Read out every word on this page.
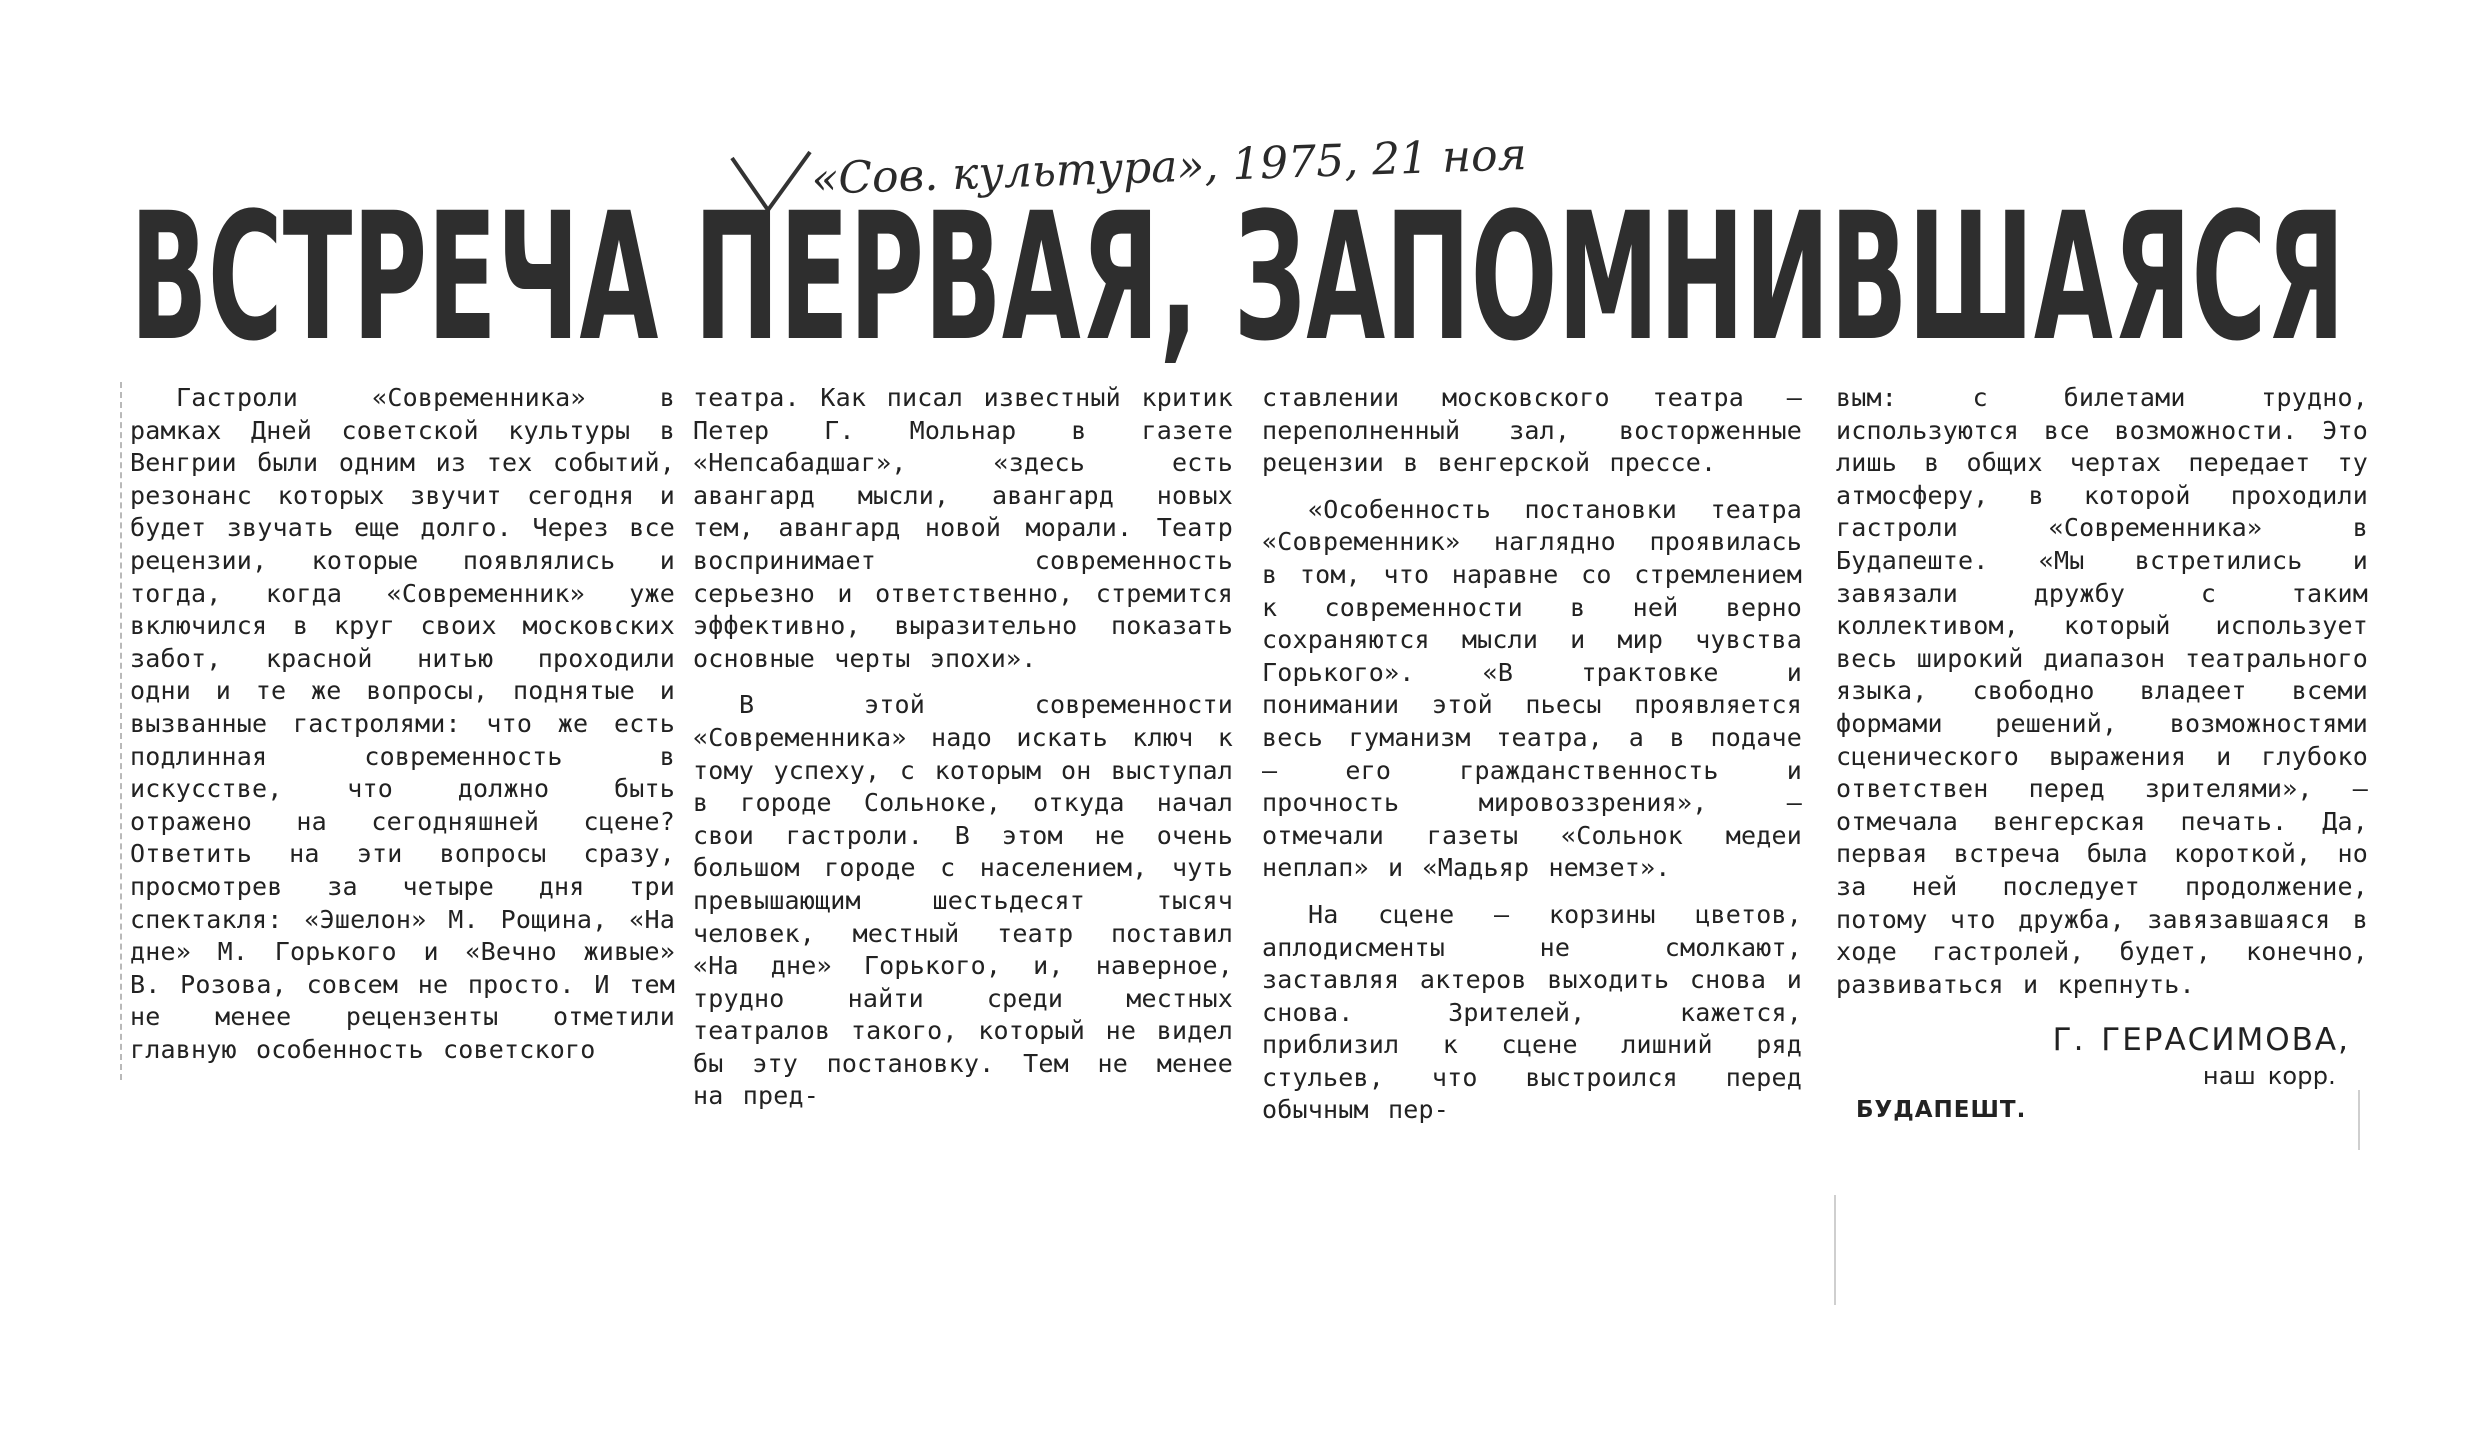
«Сов. культура», 1975, 21 ноя
ВСТРЕЧА ПЕРВАЯ, ЗАПОМНИВШАЯСЯ

Гастроли «Современника» в рамках Дней советской культуры в Венгрии были одним из тех событий, резонанс которых звучит сегодня и будет звучать еще долго. Через все рецензии, которые появлялись и тогда, когда «Современник» уже включился в круг своих московских забот, красной нитью проходили одни и те же вопросы, поднятые и вызванные гастролями: что же есть подлинная современность в искусстве, что должно быть отражено на сегодняшней сцене? Ответить на эти вопросы сразу, просмотрев за четыре дня три спектакля: «Эшелон» М. Рощина, «На дне» М. Горького и «Вечно живые» В. Розова, совсем не просто. И тем не менее рецензенты отметили главную особенность советского

театра. Как писал известный критик Петер Г. Мольнар в газете «Непсабадшаг», «здесь есть авангард мысли, авангард новых тем, авангард новой морали. Театр воспринимает современность серьезно и ответственно, стремится эффективно, выразительно показать основные черты эпохи».

В этой современности «Современника» надо искать ключ к тому успеху, с которым он выступал в городе Сольноке, откуда начал свои гастроли. В этом не очень большом городе с населением, чуть превышающим шестьдесят тысяч человек, местный театр поставил «На дне» Горького, и, наверное, трудно найти среди местных театралов такого, который не видел бы эту постановку. Тем не менее на пред-

ставлении московского театра — переполненный зал, восторженные рецензии в венгерской прессе.

«Особенность постановки театра «Современник» наглядно проявилась в том, что наравне со стремлением к современности в ней верно сохраняются мысли и мир чувства Горького». «В трактовке и понимании этой пьесы проявляется весь гуманизм театра, а в подаче — его гражданственность и прочность мировоззрения», — отмечали газеты «Сольнок медеи неплап» и «Мадьяр немзет».

На сцене — корзины цветов, аплодисменты не смолкают, заставляя актеров выходить снова и снова. Зрителей, кажется, приблизил к сцене лишний ряд стульев, что выстроился перед обычным пер-

вым: с билетами трудно, используются все возможности. Это лишь в общих чертах передает ту атмосферу, в которой проходили гастроли «Современника» в Будапеште. «Мы встретились и завязали дружбу с таким коллективом, который использует весь широкий диапазон театрального языка, свободно владеет всеми формами решений, возможностями сценического выражения и глубоко ответствен перед зрителями», — отмечала венгерская печать. Да, первая встреча была короткой, но за ней последует продолжение, потому что дружба, завязавшаяся в ходе гастролей, будет, конечно, развиваться и крепнуть.

Г. ГЕРАСИМОВА,
наш корр.
БУДАПЕШТ.
